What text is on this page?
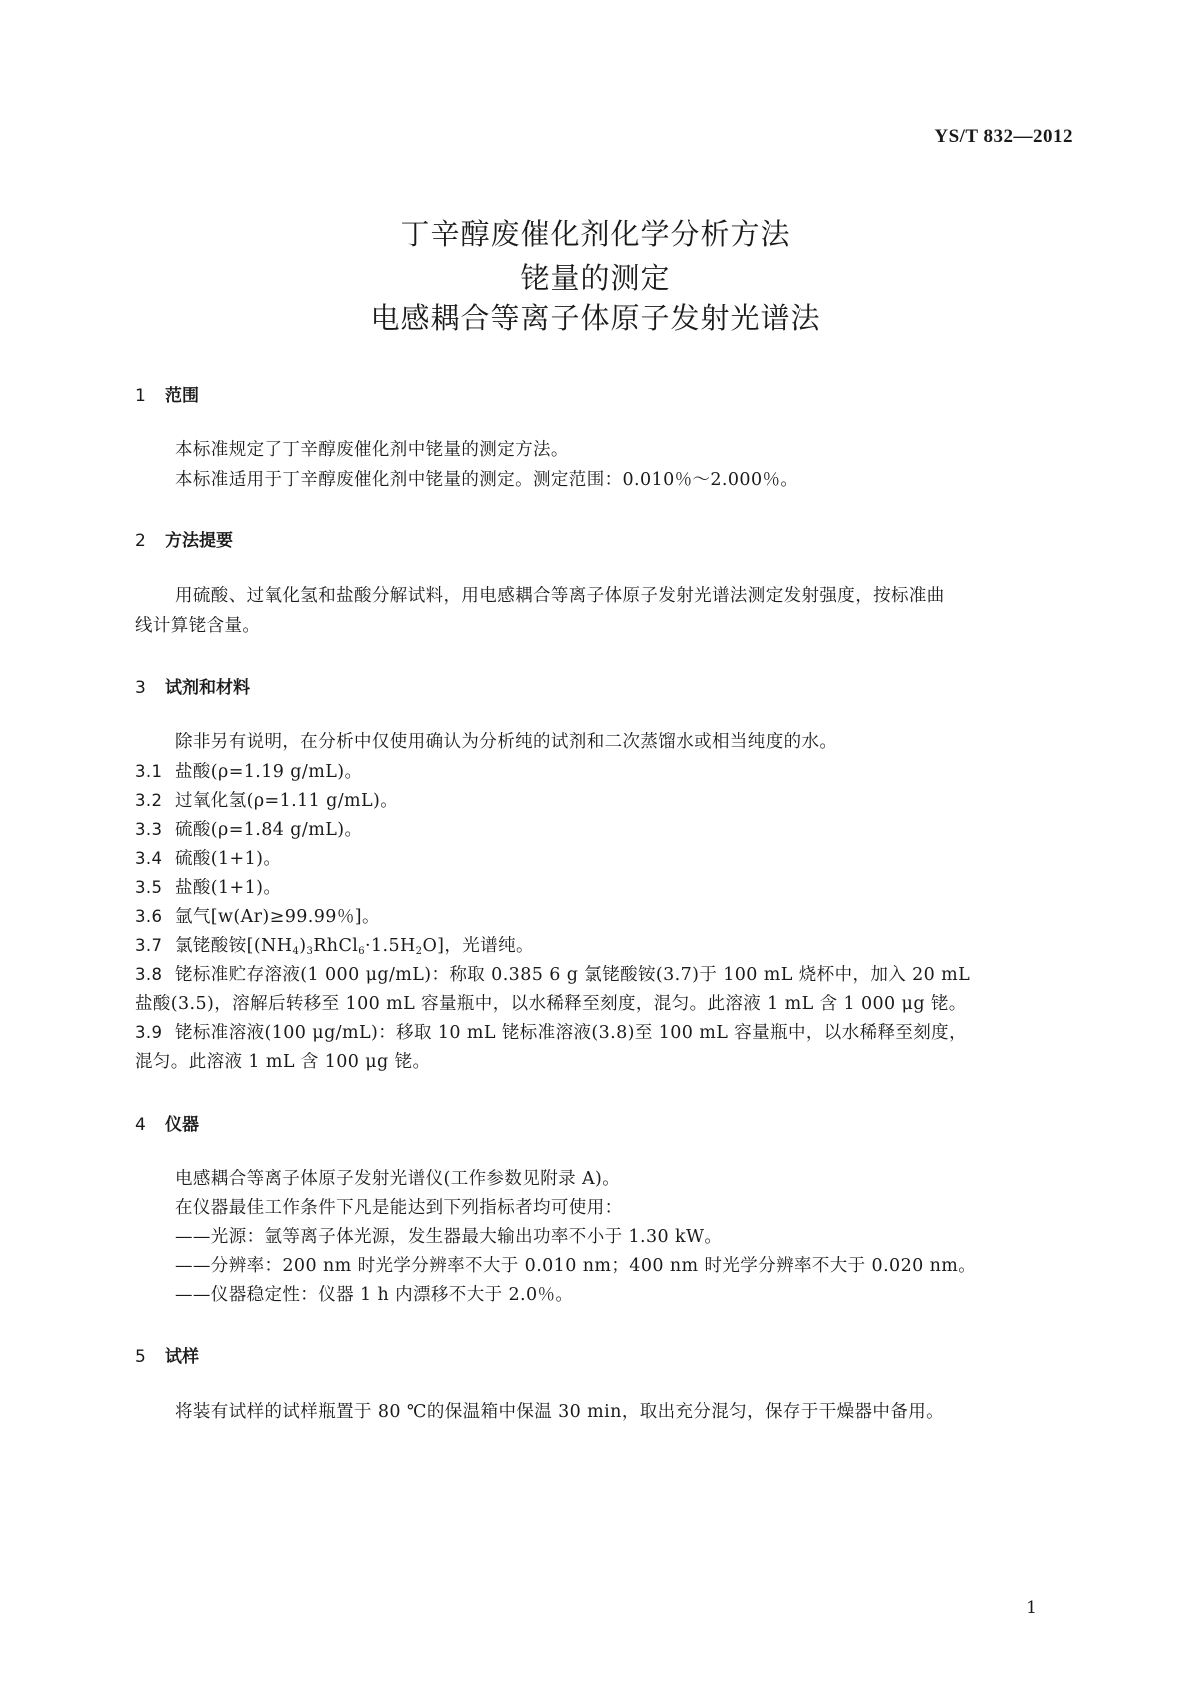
YS/T 832—2012
丁辛醇废催化剂化学分析方法
铑量的测定
电感耦合等离子体原子发射光谱法
1 范围
本标准规定了丁辛醇废催化剂中铑量的测定方法。
本标准适用于丁辛醇废催化剂中铑量的测定。测定范围：0.010％～2.000％。
2 方法提要
用硫酸、过氧化氢和盐酸分解试料，用电感耦合等离子体原子发射光谱法测定发射强度，按标准曲
线计算铑含量。
3 试剂和材料
除非另有说明，在分析中仅使用确认为分析纯的试剂和二次蒸馏水或相当纯度的水。
3.1 盐酸(ρ=1.19 g/mL)。
3.2 过氧化氢(ρ=1.11 g/mL)。
3.3 硫酸(ρ=1.84 g/mL)。
3.4 硫酸(1+1)。
3.5 盐酸(1+1)。
3.6 氩气[w(Ar)≥99.99％]。
3.7 氯铑酸铵$[(NH_4)_3RhCl_6\cdot 1.5H_2O]$，光谱纯。
3.8 铑标准贮存溶液(1 000 μg/mL)：称取 0.385 6 g 氯铑酸铵(3.7)于 100 mL 烧杯中，加入 20 mL
盐酸(3.5)，溶解后转移至 100 mL 容量瓶中，以水稀释至刻度，混匀。此溶液 1 mL 含 1 000 μg 铑。
3.9 铑标准溶液(100 μg/mL)：移取 10 mL 铑标准溶液(3.8)至 100 mL 容量瓶中，以水稀释至刻度，
混匀。此溶液 1 mL 含 100 μg 铑。
4 仪器
电感耦合等离子体原子发射光谱仪(工作参数见附录 A)。
在仪器最佳工作条件下凡是能达到下列指标者均可使用：
——光源：氩等离子体光源，发生器最大输出功率不小于 1.30 kW。
——分辨率：200 nm 时光学分辨率不大于 0.010 nm；400 nm 时光学分辨率不大于 0.020 nm。
——仪器稳定性：仪器 1 h 内漂移不大于 2.0％。
5 试样
将装有试样的试样瓶置于 80 ℃的保温箱中保温 30 min，取出充分混匀，保存于干燥器中备用。
1
